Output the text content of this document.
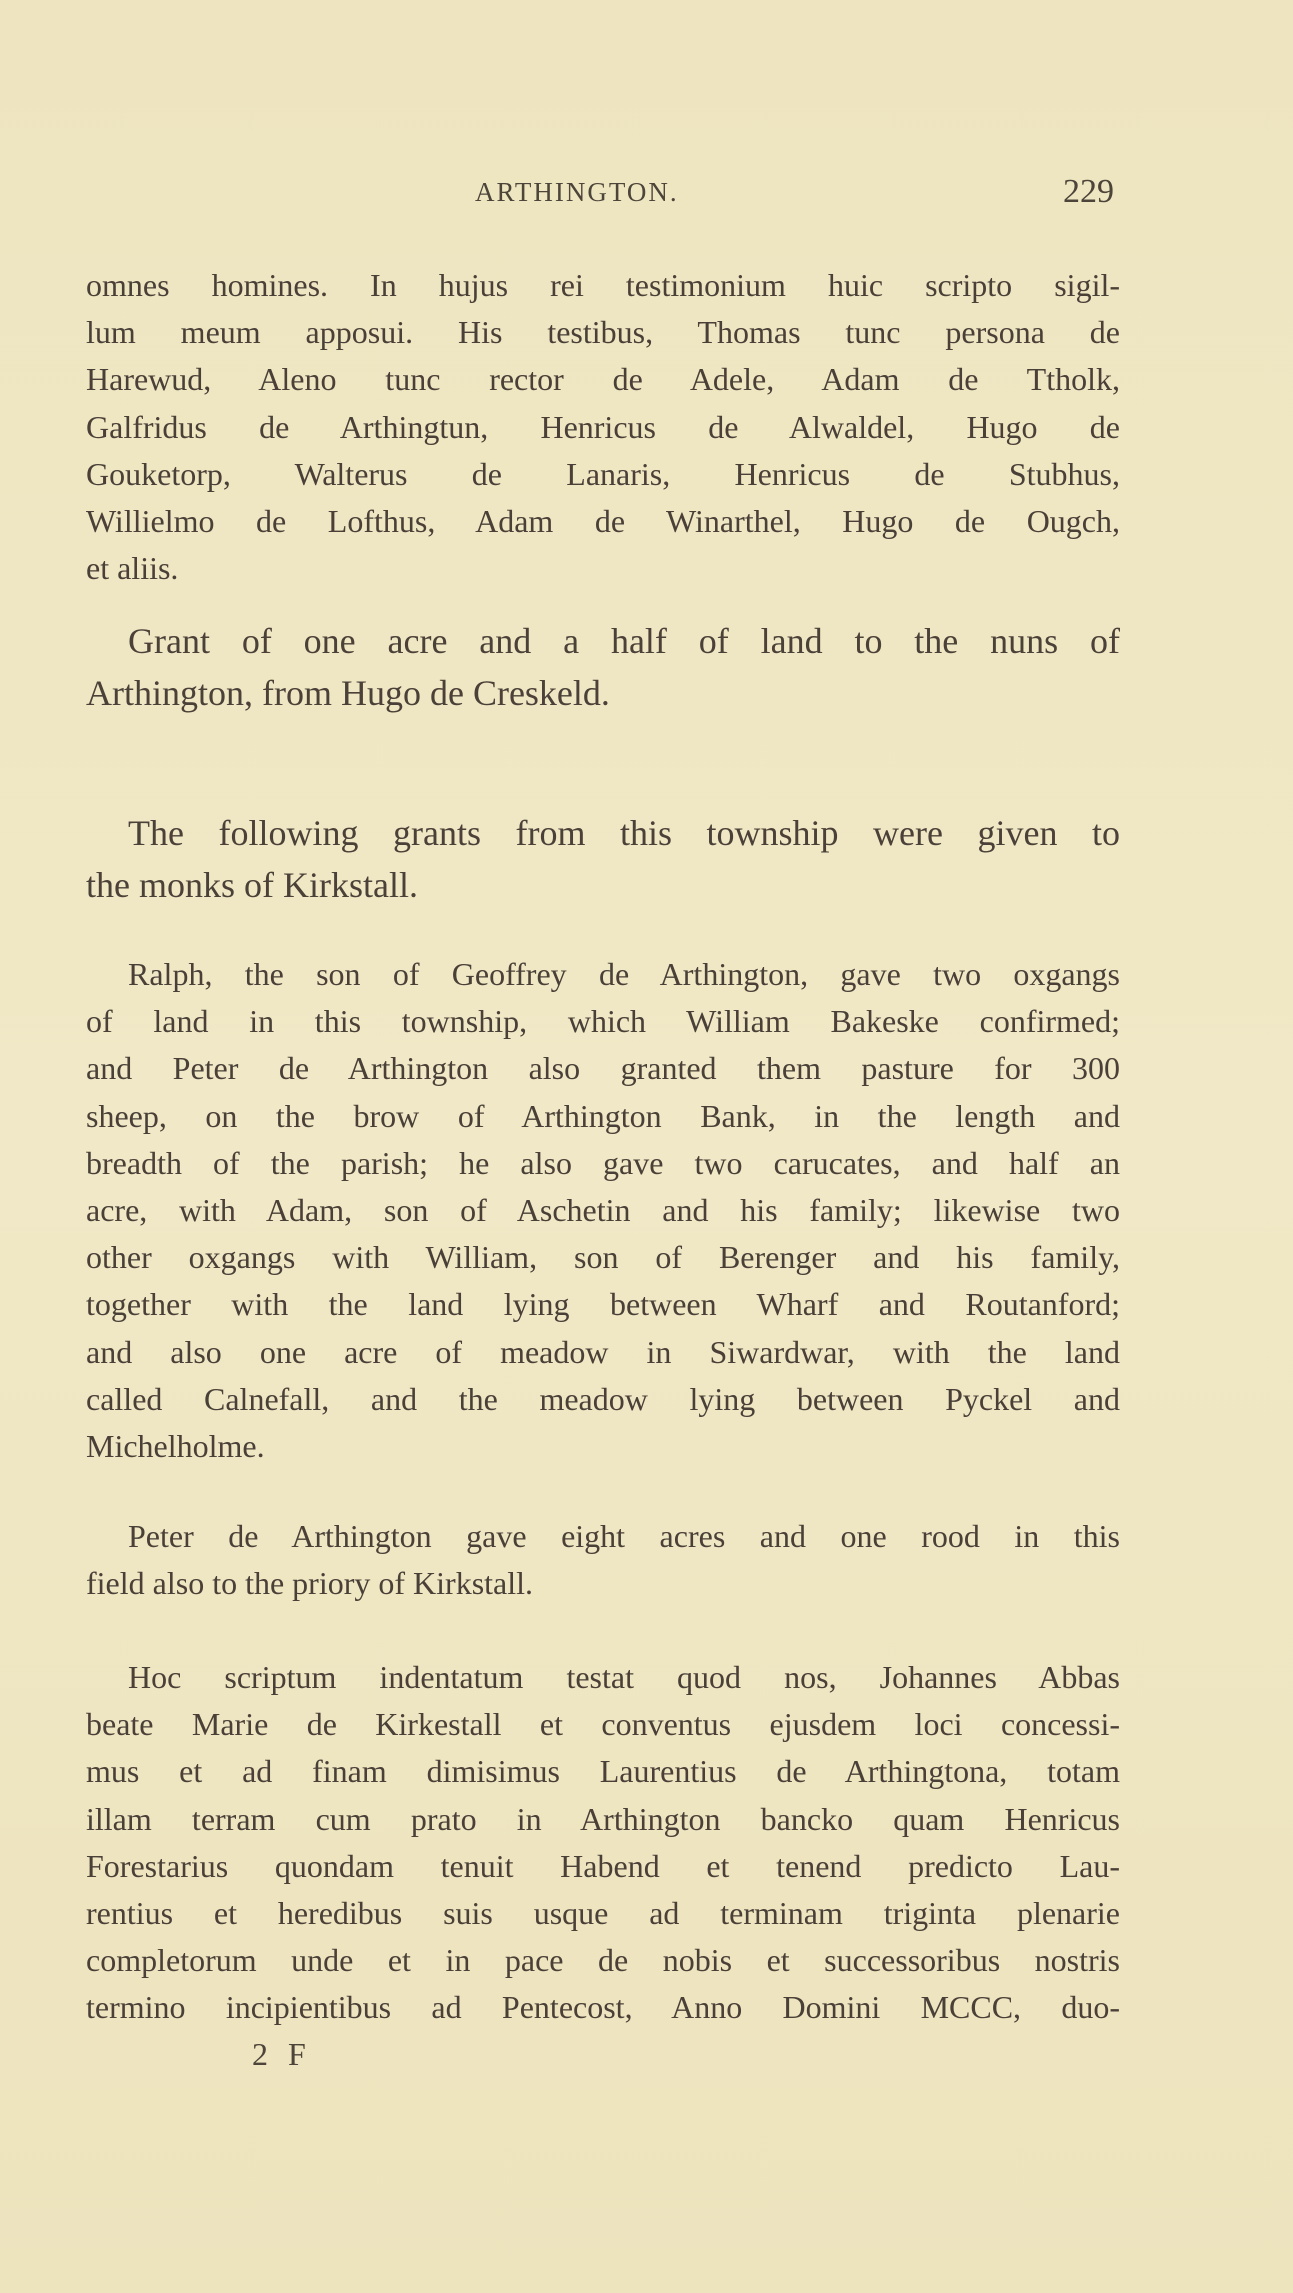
ARTHINGTON.	229

omnes homines. In hujus rei testimonium huic scripto sigil-
lum meum apposui. His testibus, Thomas tunc persona de
Harewud, Aleno tunc rector de Adele, Adam de Ttholk,
Galfridus de Arthingtun, Henricus de Alwaldel, Hugo de
Gouketorp, Walterus de Lanaris, Henricus de Stubhus,
Willielmo de Lofthus, Adam de Winarthel, Hugo de Ougch,
et aliis.

Grant of one acre and a half of land to the nuns of
Arthington, from Hugo de Creskeld.

The following grants from this township were given to
the monks of Kirkstall.

Ralph, the son of Geoffrey de Arthington, gave two oxgangs
of land in this township, which William Bakeske confirmed;
and Peter de Arthington also granted them pasture for 300
sheep, on the brow of Arthington Bank, in the length and
breadth of the parish; he also gave two carucates, and half an
acre, with Adam, son of Aschetin and his family; likewise two
other oxgangs with William, son of Berenger and his family,
together with the land lying between Wharf and Routanford;
and also one acre of meadow in Siwardwar, with the land
called Calnefall, and the meadow lying between Pyckel and
Michelholme.

Peter de Arthington gave eight acres and one rood in this
field also to the priory of Kirkstall.

Hoc scriptum indentatum testat quod nos, Johannes Abbas
beate Marie de Kirkestall et conventus ejusdem loci concessi-
mus et ad finam dimisimus Laurentius de Arthingtona, totam
illam terram cum prato in Arthington bancko quam Henricus
Forestarius quondam tenuit Habend et tenend predicto Lau-
rentius et heredibus suis usque ad terminam triginta plenarie
completorum unde et in pace de nobis et successoribus nostris
termino incipientibus ad Pentecost, Anno Domini MCCC, duo-

2 F
